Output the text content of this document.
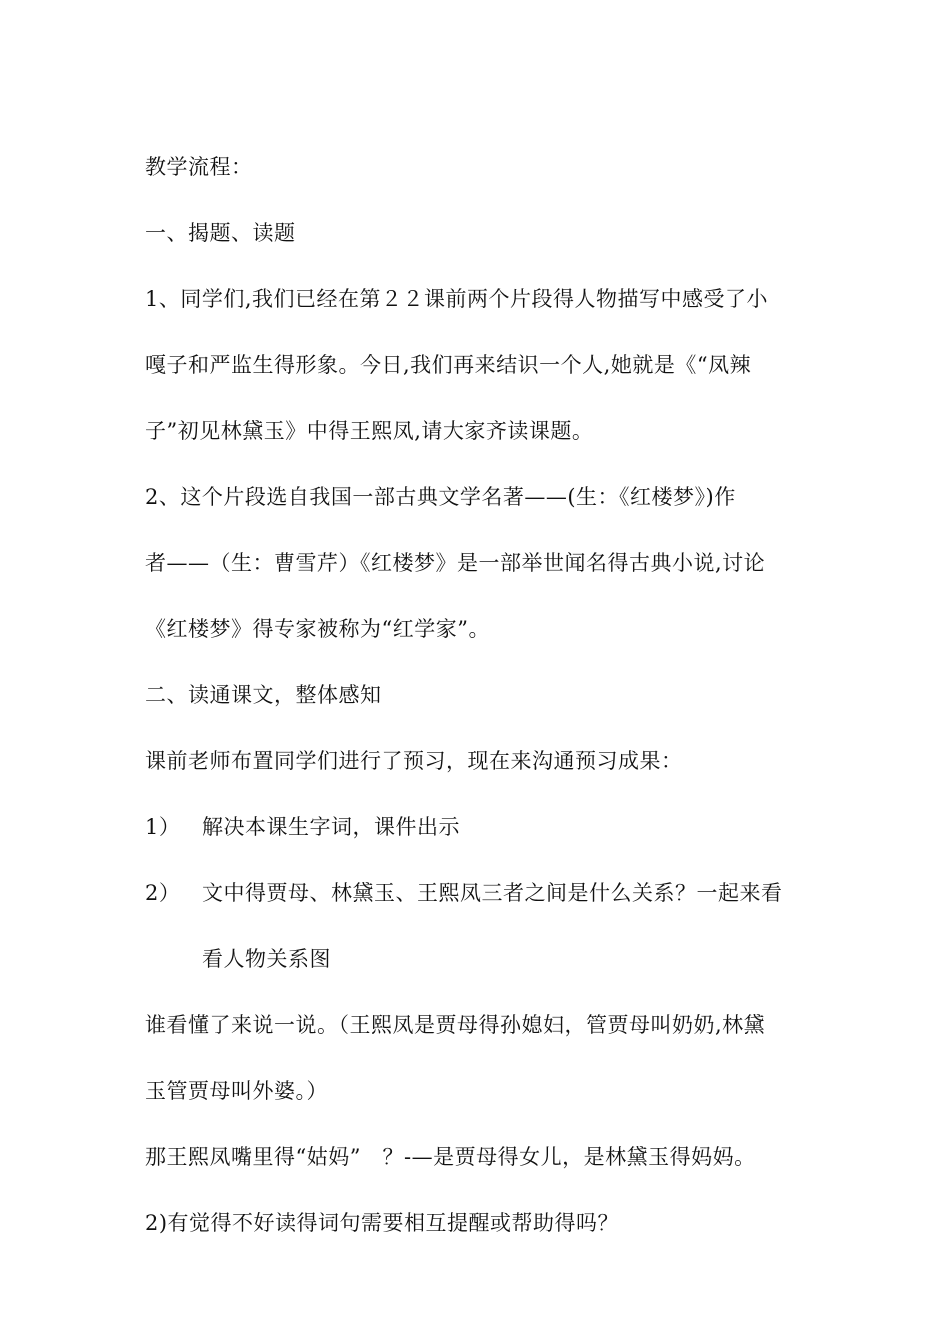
教学流程：
一、揭题、读题
1、同学们,我们已经在第２２课前两个片段得人物描写中感受了小
嘎子和严监生得形象。今日,我们再来结识一个人,她就是《“凤辣
子”初见林黛玉》中得王熙凤,请大家齐读课题。
2、这个片段选自我国一部古典文学名著——(生：《红楼梦》)作
者——（生：曹雪芹）《红楼梦》是一部举世闻名得古典小说,讨论
《红楼梦》得专家被称为“红学家”。
二、读通课文，整体感知
课前老师布置同学们进行了预习，现在来沟通预习成果：
1）	解决本课生字词，课件出示
2）	文中得贾母、林黛玉、王熙凤三者之间是什么关系？一起来看
看人物关系图
谁看懂了来说一说。（王熙凤是贾母得孙媳妇，管贾母叫奶奶,林黛
玉管贾母叫外婆。）
那王熙凤嘴里得“姑妈”　？-—是贾母得女儿，是林黛玉得妈妈。
2)有觉得不好读得词句需要相互提醒或帮助得吗？
